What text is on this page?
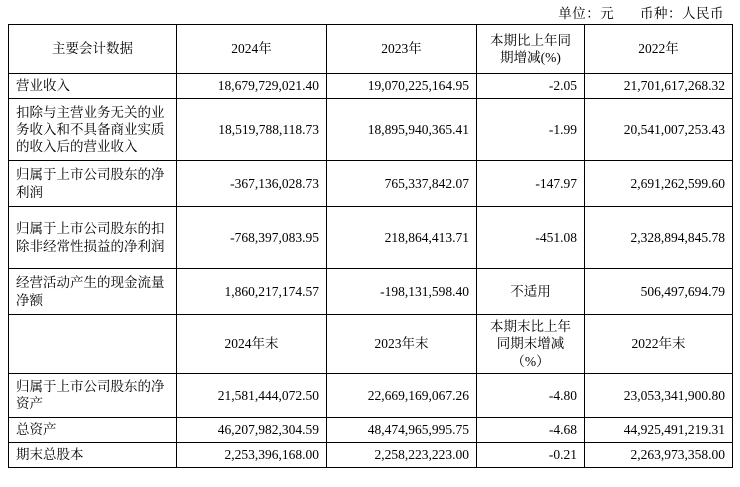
单位：元 币种：人民币
主要会计数据	2024年	2023年	本期比上年同期增减(%)	2022年
营业收入	18,679,729,021.40	19,070,225,164.95	-2.05	21,701,617,268.32
扣除与主营业务无关的业务收入和不具备商业实质的收入后的营业收入	18,519,788,118.73	18,895,940,365.41	-1.99	20,541,007,253.43
归属于上市公司股东的净利润	-367,136,028.73	765,337,842.07	-147.97	2,691,262,599.60
归属于上市公司股东的扣除非经常性损益的净利润	-768,397,083.95	218,864,413.71	-451.08	2,328,894,845.78
经营活动产生的现金流量净额	1,860,217,174.57	-198,131,598.40	不适用	506,497,694.79
	2024年末	2023年末	本期末比上年同期末增减（%）	2022年末
归属于上市公司股东的净资产	21,581,444,072.50	22,669,169,067.26	-4.80	23,053,341,900.80
总资产	46,207,982,304.59	48,474,965,995.75	-4.68	44,925,491,219.31
期末总股本	2,253,396,168.00	2,258,223,223.00	-0.21	2,263,973,358.00
